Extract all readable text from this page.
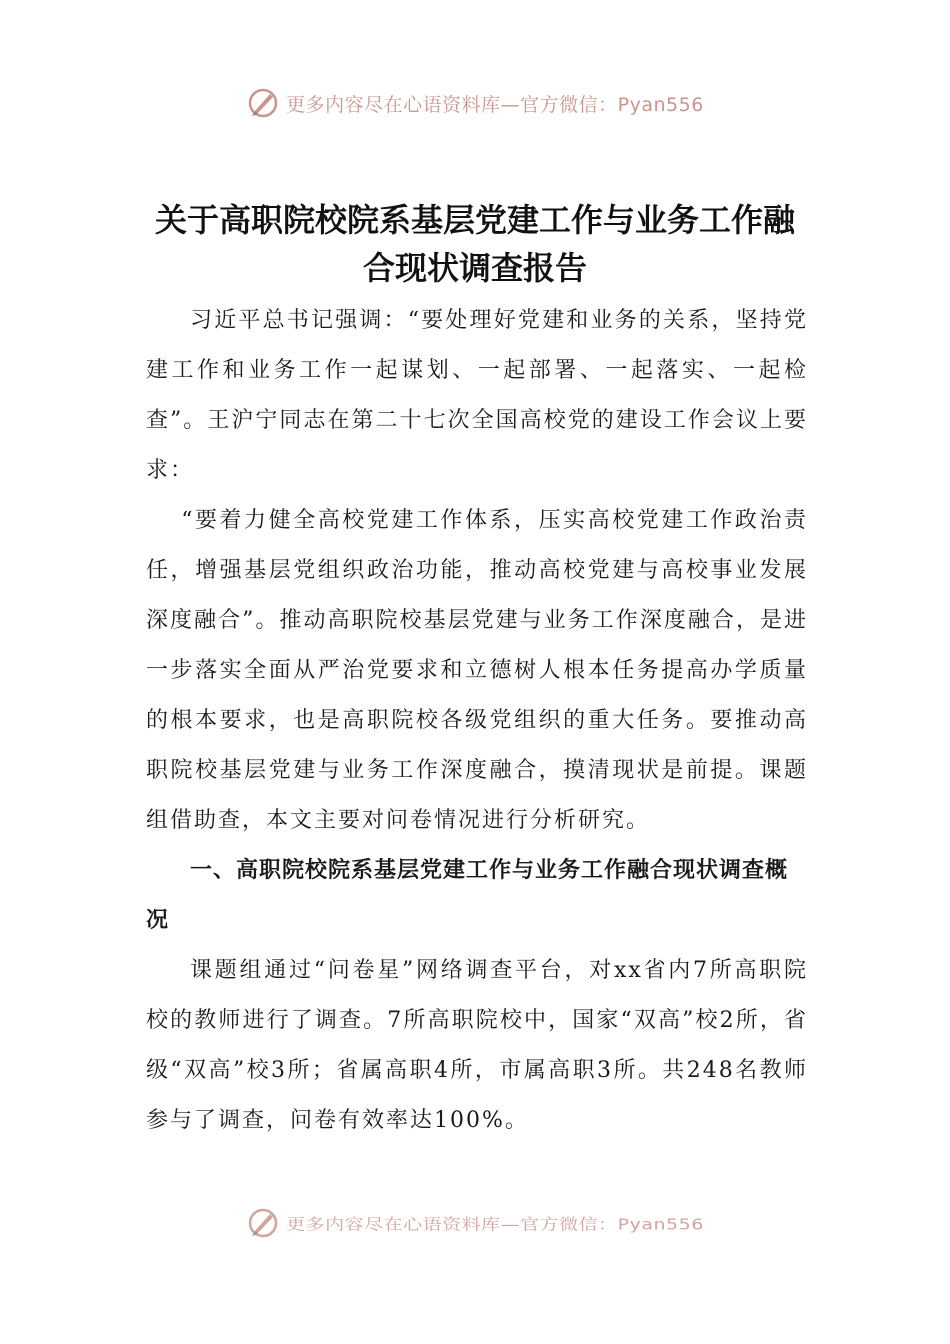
更多内容尽在心语资料库—官方微信：Pyan556
关于高职院校院系基层党建工作与业务工作融合现状调查报告

习近平总书记强调：“要处理好党建和业务的关系，坚持党建工作和业务工作一起谋划、一起部署、一起落实、一起检查”。王沪宁同志在第二十七次全国高校党的建设工作会议上要求：

“要着力健全高校党建工作体系，压实高校党建工作政治责任，增强基层党组织政治功能，推动高校党建与高校事业发展深度融合”。推动高职院校基层党建与业务工作深度融合，是进一步落实全面从严治党要求和立德树人根本任务提高办学质量的根本要求，也是高职院校各级党组织的重大任务。要推动高职院校基层党建与业务工作深度融合，摸清现状是前提。课题组借助查，本文主要对问卷情况进行分析研究。

一、高职院校院系基层党建工作与业务工作融合现状调查概况

课题组通过“问卷星”网络调查平台，对xx省内7所高职院校的教师进行了调查。7所高职院校中，国家“双高”校2所，省级“双高”校3所；省属高职4所，市属高职3所。共248名教师参与了调查，问卷有效率达100%。

更多内容尽在心语资料库—官方微信：Pyan556
